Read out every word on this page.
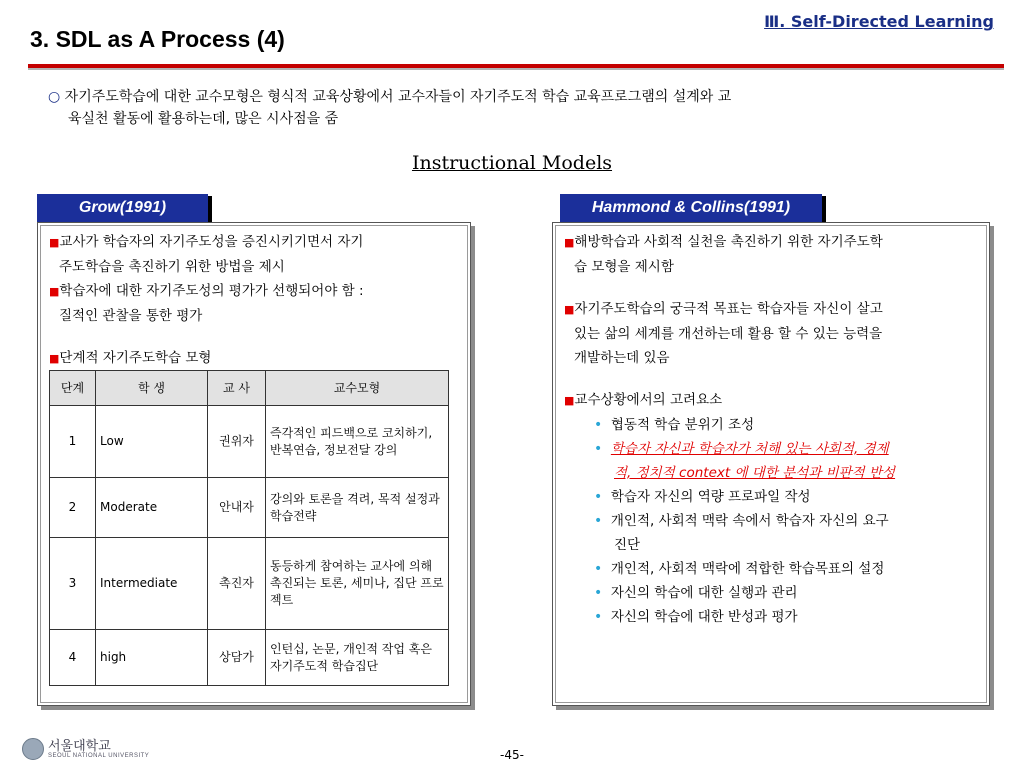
3. SDL as A Process (4)
Ⅲ. Self-Directed Learning
○ 자기주도학습에 대한 교수모형은 형식적 교육상황에서 교수자들이 자기주도적 학습 교육프로그램의 설계와 교
육실천 활동에 활용하는데, 많은 시사점을 줌
Instructional Models
Grow(1991)
■교사가 학습자의 자기주도성을 증진시키기면서 자기
주도학습을 촉진하기 위한 방법을 제시
■학습자에 대한 자기주도성의 평가가 선행되어야 함 :
질적인 관찰을 통한 평가
■단계적 자기주도학습 모형
단계	학 생	교 사	교수모형
1	Low	권위자	즉각적인 피드백으로 코치하기, 반복연습, 정보전달 강의
2	Moderate	안내자	강의와 토론을 격려, 목적 설정과 학습전략
3	Intermediate	촉진자	동등하게 참여하는 교사에 의해 촉진되는 토론, 세미나, 집단 프로젝트
4	high	상담가	인턴십, 논문, 개인적 작업 혹은 자기주도적 학습집단
Hammond & Collins(1991)
■해방학습과 사회적 실천을 촉진하기 위한 자기주도학
습 모형을 제시함
■자기주도학습의 궁극적 목표는 학습자들 자신이 살고
있는 삶의 세계를 개선하는데 활용 할 수 있는 능력을
개발하는데 있음
■교수상황에서의 고려요소
• 협동적 학습 분위기 조성
• 학습자 자신과 학습자가 처해 있는 사회적, 경제
적, 정치적 context 에 대한 분석과 비판적 반성
• 학습자 자신의 역량 프로파일 작성
• 개인적, 사회적 맥락 속에서 학습자 자신의 요구
진단
• 개인적, 사회적 맥락에 적합한 학습목표의 설정
• 자신의 학습에 대한 실행과 관리
• 자신의 학습에 대한 반성과 평가
서울대학교
SEOUL NATIONAL UNIVERSITY	-45-
